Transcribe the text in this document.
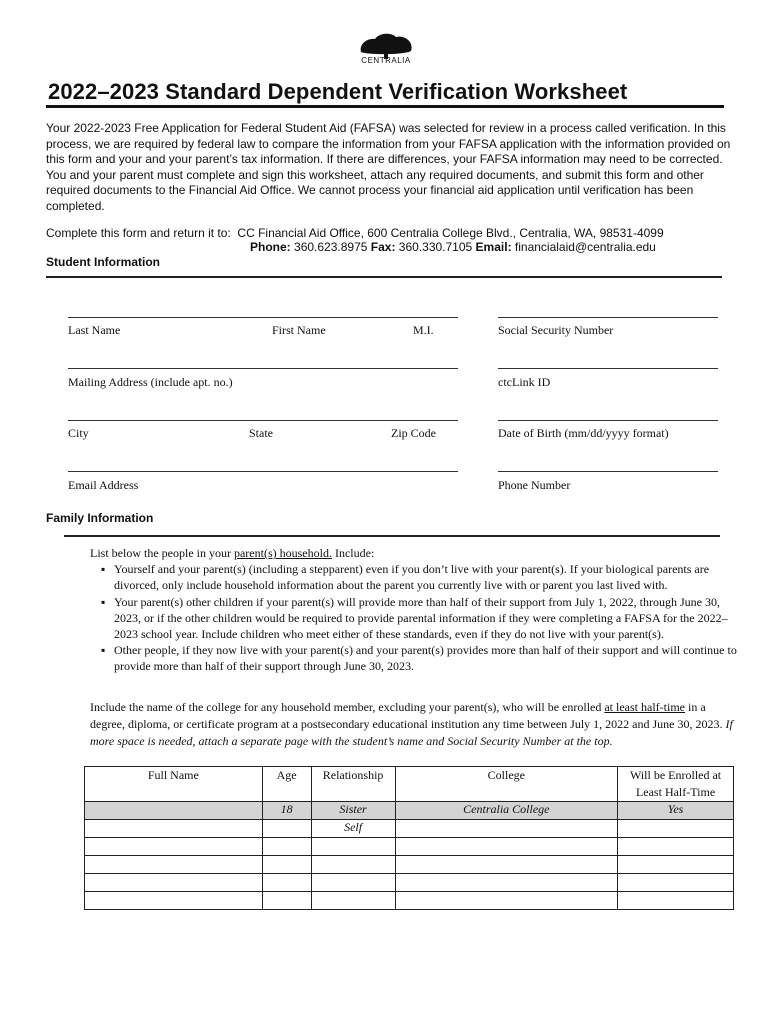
CENTRALIA
2022–2023 Standard Dependent Verification Worksheet

Your 2022-2023 Free Application for Federal Student Aid (FAFSA) was selected for review in a process called verification. In this process, we are required by federal law to compare the information from your FAFSA application with the information provided on this form and your and your parent’s tax information. If there are differences, your FAFSA information may need to be corrected. You and your parent must complete and sign this worksheet, attach any required documents, and submit this form and other required documents to the Financial Aid Office. We cannot process your financial aid application until verification has been completed.

Complete this form and return it to: CC Financial Aid Office, 600 Centralia College Blvd., Centralia, WA, 98531-4099
Phone: 360.623.8975 Fax: 360.330.7105 Email: financialaid@centralia.edu
Student Information
Last Name	First Name	M.I.	Social Security Number
Mailing Address (include apt. no.)	ctcLink ID
City	State	Zip Code	Date of Birth (mm/dd/yyyy format)
Email Address	Phone Number
Family Information

List below the people in your parent(s) household. Include:

▪ Yourself and your parent(s) (including a stepparent) even if you don’t live with your parent(s). If your biological parents are divorced, only include household information about the parent you currently live with or parent you last lived with.
▪ Your parent(s) other children if your parent(s) will provide more than half of their support from July 1, 2022, through June 30, 2023, or if the other children would be required to provide parental information if they were completing a FAFSA for the 2022–2023 school year. Include children who meet either of these standards, even if they do not live with your parent(s).
▪ Other people, if they now live with your parent(s) and your parent(s) provides more than half of their support and will continue to provide more than half of their support through June 30, 2023.

Include the name of the college for any household member, excluding your parent(s), who will be enrolled at least half-time in a degree, diploma, or certificate program at a postsecondary educational institution any time between July 1, 2022 and June 30, 2023. If more space is needed, attach a separate page with the student’s name and Social Security Number at the top.

Full Name	Age	Relationship	College	Will be Enrolled at Least Half-Time
	18	Sister	Centralia College	Yes
		Self		
